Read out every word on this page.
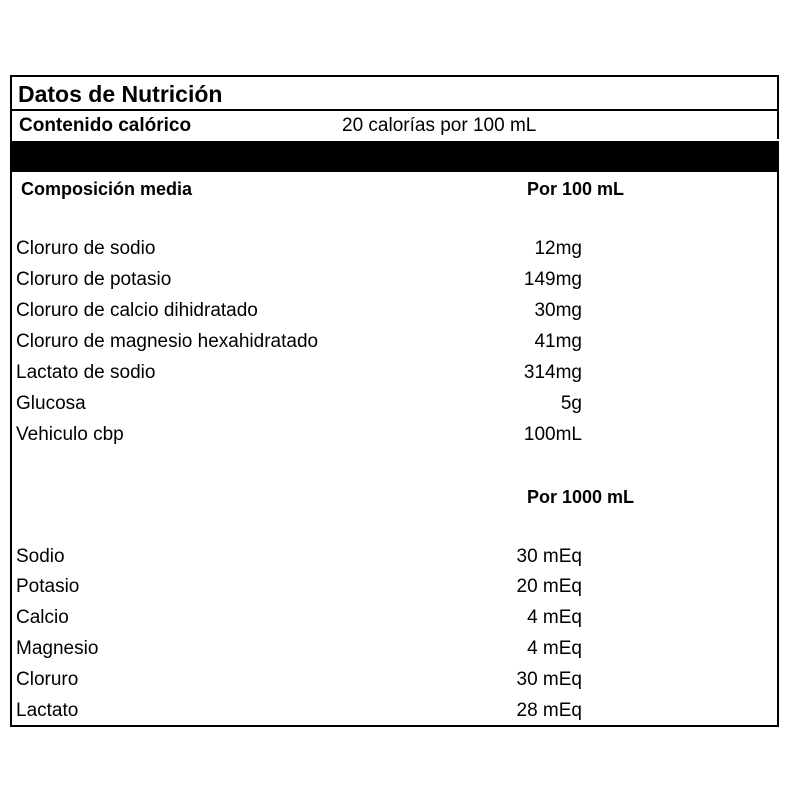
Datos de Nutrición
Contenido calórico	20 calorías por 100 mL
Composición media	Por 100 mL
Cloruro de sodio	12mg
Cloruro de potasio	149mg
Cloruro de calcio dihidratado	30mg
Cloruro de magnesio hexahidratado	41mg
Lactato de sodio	314mg
Glucosa	5g
Vehiculo cbp	100mL
Por 1000 mL
Sodio	30 mEq
Potasio	20 mEq
Calcio	4 mEq
Magnesio	4 mEq
Cloruro	30 mEq
Lactato	28 mEq
